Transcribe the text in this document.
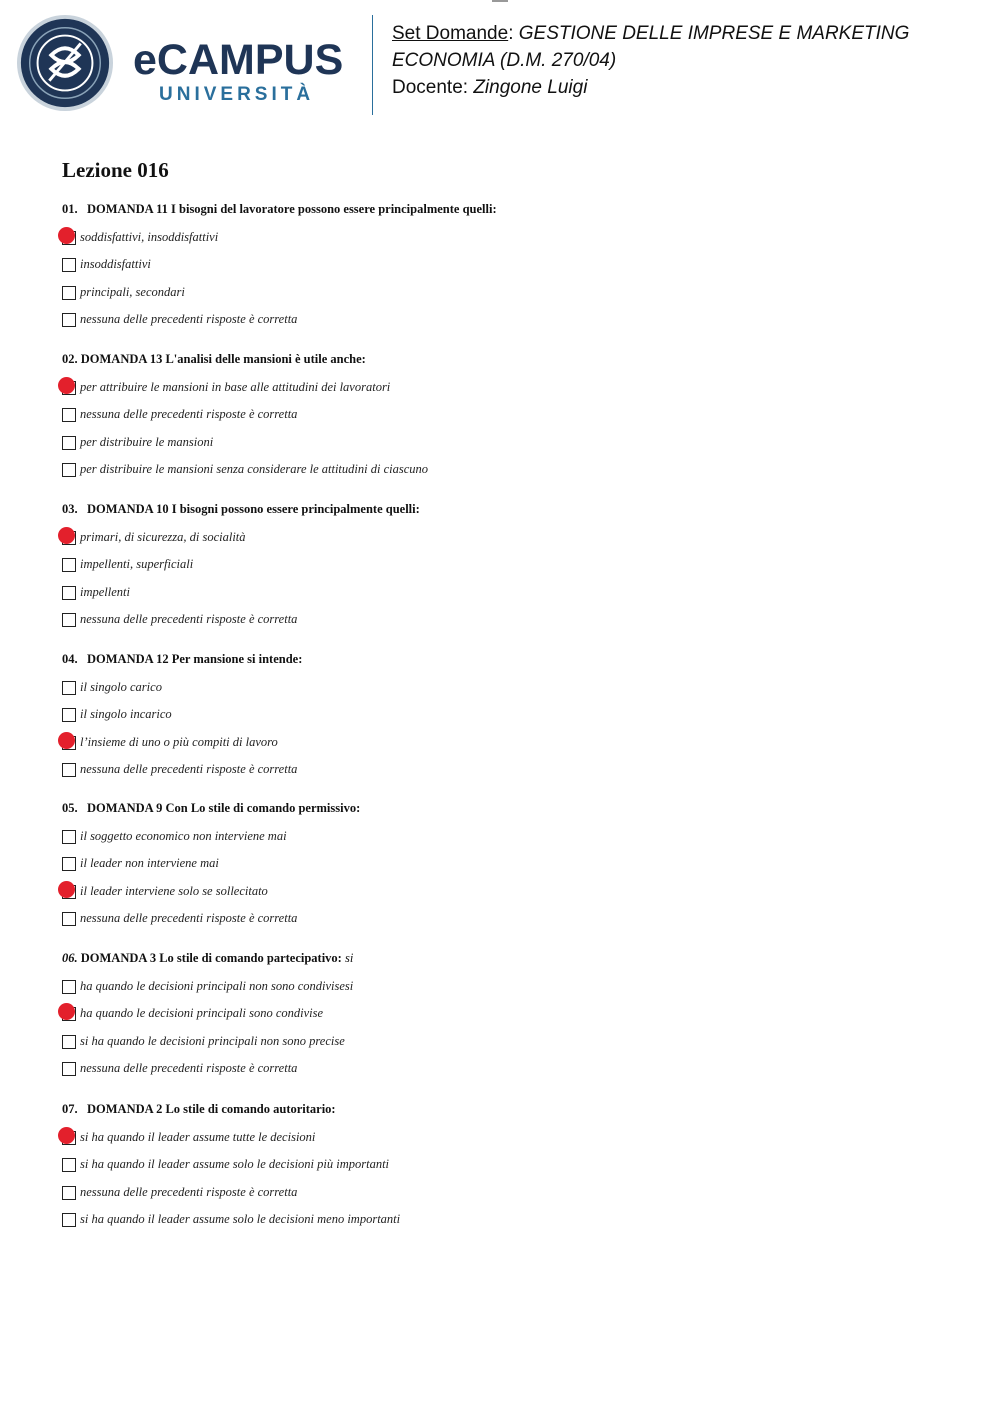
eCAMPUS
UNIVERSITÀ
Set Domande: GESTIONE DELLE IMPRESE E MARKETING ECONOMIA (D.M. 270/04)
Docente: Zingone Luigi
Lezione 016
01.   DOMANDA 11 I bisogni del lavoratore possono essere principalmente quelli:
soddisfattivi, insoddisfattivi
insoddisfattivi
principali, secondari
nessuna delle precedenti risposte è corretta
02. DOMANDA 13 L'analisi delle mansioni è utile anche:
per attribuire le mansioni in base alle attitudini dei lavoratori
nessuna delle precedenti risposte è corretta
per distribuire le mansioni
per distribuire le mansioni senza considerare le attitudini di ciascuno
03.   DOMANDA 10 I bisogni possono essere principalmente quelli:
primari, di sicurezza, di socialità
impellenti, superficiali
impellenti
nessuna delle precedenti risposte è corretta
04.   DOMANDA 12 Per mansione si intende:
il singolo carico
il singolo incarico
l’insieme di uno o più compiti di lavoro
nessuna delle precedenti risposte è corretta
05.   DOMANDA 9 Con Lo stile di comando permissivo:
il soggetto economico non interviene mai
il leader non interviene mai
il leader interviene solo se sollecitato
nessuna delle precedenti risposte è corretta
06. DOMANDA 3 Lo stile di comando partecipativo: si
ha quando le decisioni principali non sono condivisesi
ha quando le decisioni principali sono condivise
si ha quando le decisioni principali non sono precise
nessuna delle precedenti risposte è corretta
07.   DOMANDA 2 Lo stile di comando autoritario:
si ha quando il leader assume tutte le decisioni
si ha quando il leader assume solo le decisioni più importanti
nessuna delle precedenti risposte è corretta
si ha quando il leader assume solo le decisioni meno importanti
